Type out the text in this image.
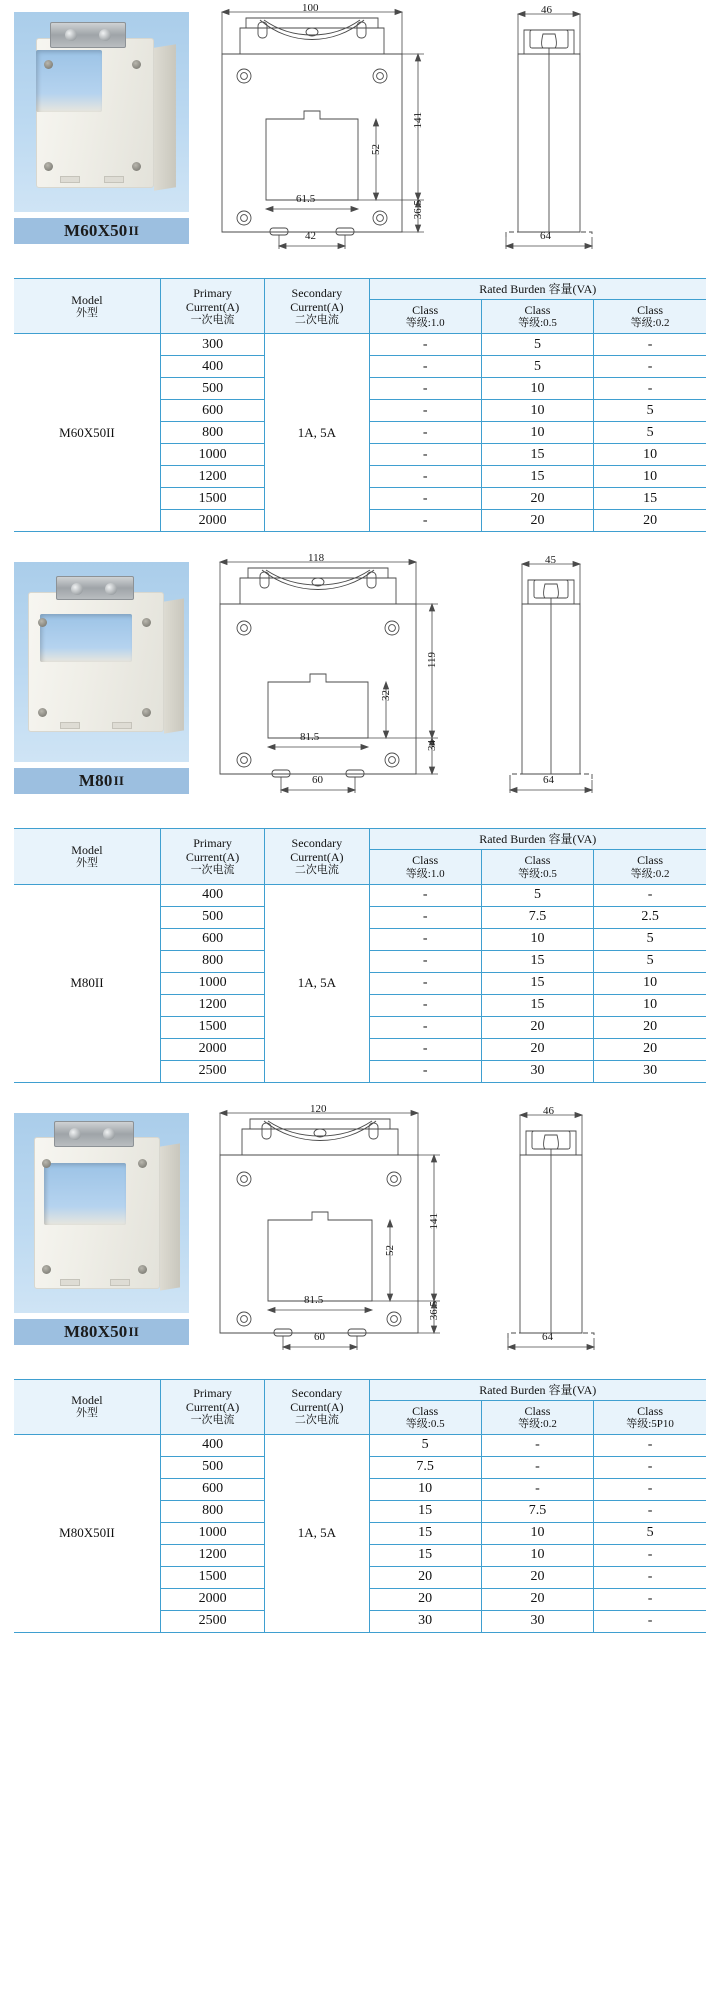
M60X50 II
100
61.5
52
141
36.5
42
46
64
Model
外型

Primary
Current(A)
一次电流

Secondary
Current(A)
二次电流
	Rated Burden 容量(VA)

Class
等级:1.0

Class
等级:0.5

Class
等级:0.2

M60X50II	300	1A, 5A	-	5	-
	400		-	5	-
	500		-	10	-
	600		-	10	5
	800		-	10	5
	1000		-	15	10
	1200		-	15	10
	1500		-	20	15
	2000		-	20	20
M80 II
118
81.5
32
119
34
60
45
64
Model
外型

Primary
Current(A)
一次电流

Secondary
Current(A)
二次电流
	Rated Burden 容量(VA)

Class
等级:1.0

Class
等级:0.5

Class
等级:0.2

M80II	400	1A, 5A	-	5	-
	500		-	7.5	2.5
	600		-	10	5
	800		-	15	5
	1000		-	15	10
	1200		-	15	10
	1500		-	20	20
	2000		-	20	20
	2500		-	30	30
M80X50 II
120
81.5
52
141
36.5
60
46
64
Model
外型

Primary
Current(A)
一次电流

Secondary
Current(A)
二次电流
	Rated Burden 容量(VA)

Class
等级:0.5

Class
等级:0.2

Class
等级:5P10

M80X50II	400	1A, 5A	5	-	-
	500		7.5	-	-
	600		10	-	-
	800		15	7.5	-
	1000		15	10	5
	1200		15	10	-
	1500		20	20	-
	2000		20	20	-
	2500		30	30	-
